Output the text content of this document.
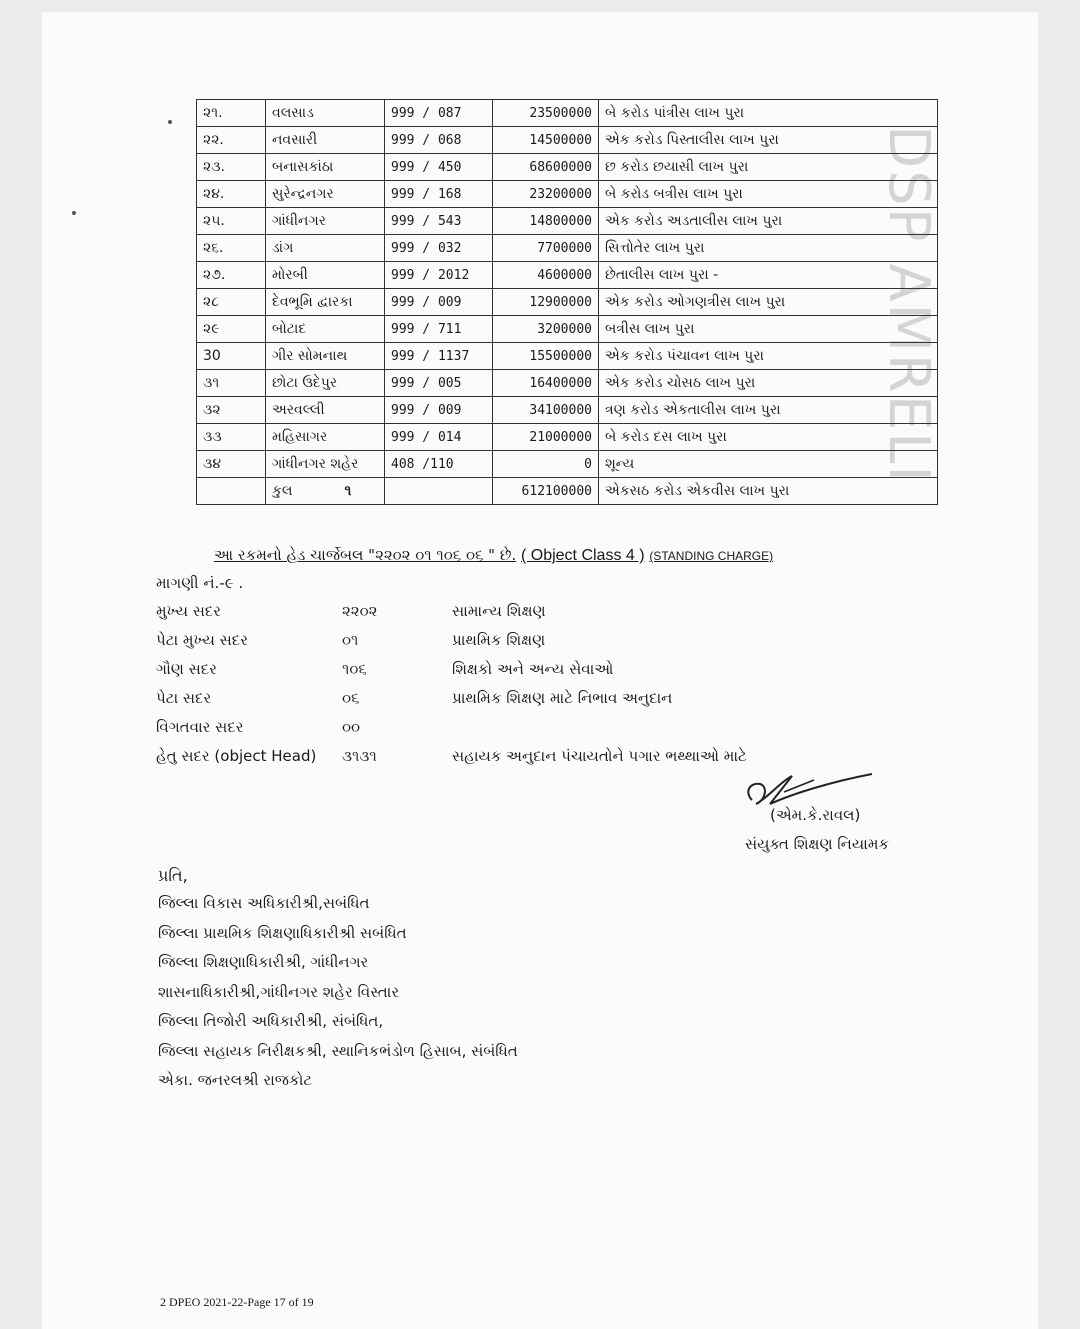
DSP AMRELI
૨૧.	વલસાડ	999 / 087	23500000	બે કરોડ પાંત્રીસ લાખ પુરા
૨૨.	નવસારી	999 / 068	14500000	એક કરોડ પિસ્તાલીસ લાખ પુરા
૨૩.	બનાસકાંઠા	999 / 450	68600000	છ કરોડ છયાસી લાખ પુરા
૨૪.	સુરેન્દ્રનગર	999 / 168	23200000	બે કરોડ બત્રીસ લાખ પુરા
૨૫.	ગાંધીનગર	999 / 543	14800000	એક કરોડ અડતાલીસ લાખ પુરા
૨૬.	ડાંગ	999 / 032	7700000	સિત્તોતેર લાખ પુરા
૨૭.	મોરબી	999 / 2012	4600000	છેતાલીસ લાખ પુરા -
૨૮	દેવભૂમિ દ્વારકા	999 / 009	12900000	એક કરોડ ઓગણત્રીસ લાખ પુરા
૨૯	બોટાદ	999 / 711	3200000	બત્રીસ લાખ પુરા
30	ગીર સોમનાથ	999 / 1137	15500000	એક કરોડ પંચાવન લાખ પુરા
૩૧	છોટા ઉદેપુર	999 / 005	16400000	એક કરોડ ચોસઠ લાખ પુરા
૩૨	અરવલ્લી	999 / 009	34100000	ત્રણ કરોડ એકતાલીસ લાખ પુરા
૩૩	મહિસાગર	999 / 014	21000000	બે કરોડ દસ લાખ પુરા
૩૪	ગાંધીનગર શહેર	408 /110	0	શૂન્ય
	કુલ ૧		612100000	એકસઠ કરોડ એકવીસ લાખ પુરા
આ રકમનો હેડ ચાર્જેબલ "૨૨૦૨ ૦૧ ૧૦૬ ૦૬ " છે. ( Object Class 4 ) (STANDING CHARGE)
માગણી નં.-૯ .
મુખ્ય સદર	૨૨૦૨	સામાન્ય શિક્ષણ
પેટા મુખ્ય સદર	૦૧	પ્રાથમિક શિક્ષણ
ગૌણ સદર	૧૦૬	શિક્ષકો અને અન્ય સેવાઓ
પેટા સદર	૦૬	પ્રાથમિક શિક્ષણ માટે નિભાવ અનુદાન
વિગતવાર સદર	૦૦
હેતુ સદર (object Head) ૩૧૩૧	સહાયક અનુદાન પંચાયતોને પગાર ભથ્થાઓ માટે
(એમ.કે.રાવલ)
સંયુક્ત શિક્ષણ નિયામક
પ્રતિ,
જિલ્લા વિકાસ અધિકારીશ્રી,સબંધિત
જિલ્લા પ્રાથમિક શિક્ષણાધિકારીશ્રી સબંધિત
જિલ્લા શિક્ષણાધિકારીશ્રી, ગાંધીનગર
શાસનાધિકારીશ્રી,ગાંધીનગર શહેર વિસ્તાર
જિલ્લા તિજોરી અધિકારીશ્રી, સંબંધિત,
જિલ્લા સહાયક નિરીક્ષકશ્રી, સ્થાનિકભંડોળ હિસાબ, સંબંધિત
એકા. જનરલશ્રી રાજકોટ
2 DPEO 2021-22-Page 17 of 19
